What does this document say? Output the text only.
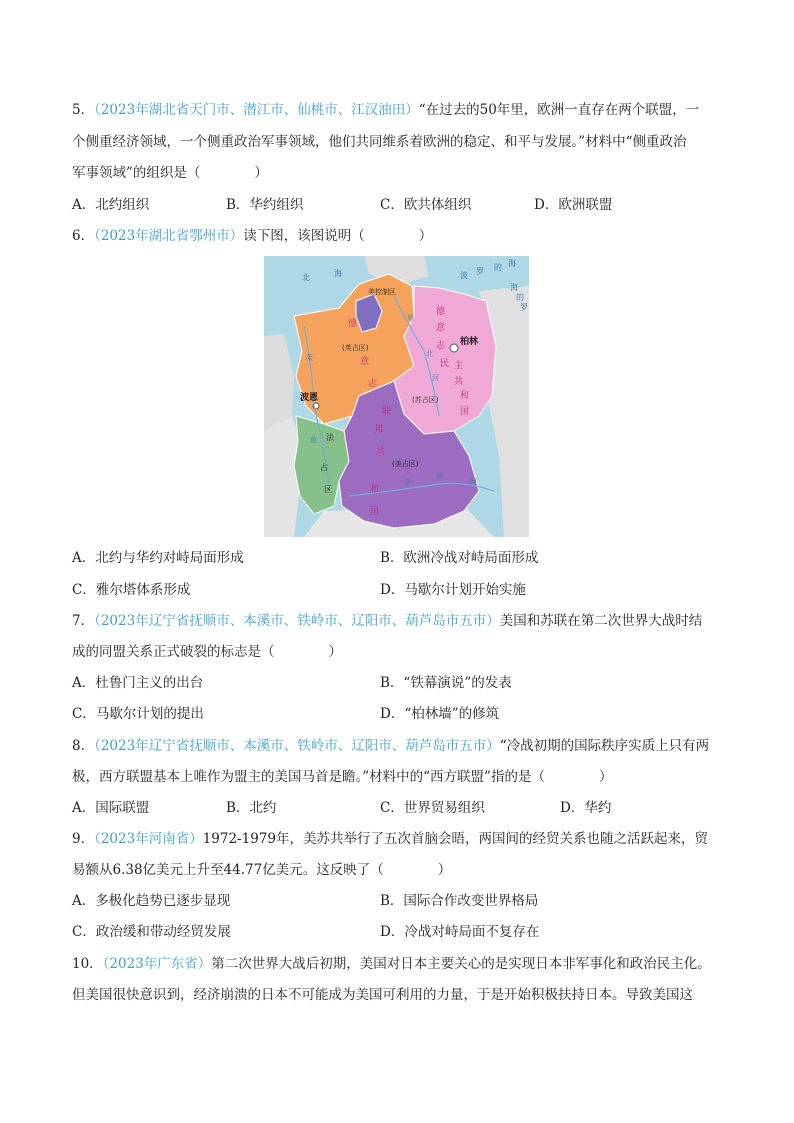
5．（2023年湖北省天门市、潜江市、仙桃市、江汉油田）“在过去的50年里，欧洲一直存在两个联盟，一
个侧重经济领域，一个侧重政治军事领域，他们共同维系着欧洲的稳定、和平与发展。”材料中“侧重政治
军事领域”的组织是（　　　　）
A．北约组织	B．华约组织	C．欧共体组织	D．欧洲联盟
6．（2023年湖北省鄂州市）读下图，该图说明（　　　　）
北	海	波 罗 的 海
海
的
罗
易
北
河
莱
茵
多
瑙
河
美控制区
(英占区)
(苏占区)
(美占区)
德
意
志
德
意
志
民 主
共
和
国
联
邦
共
和
国
法
占
区
柏林
波恩
A．北约与华约对峙局面形成	B．欧洲冷战对峙局面形成
C．雅尔塔体系形成	D．马歇尔计划开始实施
7．（2023年辽宁省抚顺市、本溪市、铁岭市、辽阳市、葫芦岛市五市）美国和苏联在第二次世界大战时结
成的同盟关系正式破裂的标志是（　　　　）
A．杜鲁门主义的出台	B．“铁幕演说”的发表
C．马歇尔计划的提出	D．“柏林墙”的修筑
8．（2023年辽宁省抚顺市、本溪市、铁岭市、辽阳市、葫芦岛市五市）“冷战初期的国际秩序实质上只有两
极，西方联盟基本上唯作为盟主的美国马首是瞻。”材料中的“西方联盟”指的是（　　　　）
A．国际联盟	B．北约	C．世界贸易组织	D．华约
9．（2023年河南省）1972-1979年，美苏共举行了五次首脑会晤，两国间的经贸关系也随之活跃起来，贸
易额从6.38亿美元上升至44.77亿美元。这反映了（　　　　）
A．多极化趋势已逐步显现	B．国际合作改变世界格局
C．政治缓和带动经贸发展	D．冷战对峙局面不复存在
10．（2023年广东省）第二次世界大战后初期，美国对日本主要关心的是实现日本非军事化和政治民主化。
但美国很快意识到，经济崩溃的日本不可能成为美国可利用的力量，于是开始积极扶持日本。导致美国这
